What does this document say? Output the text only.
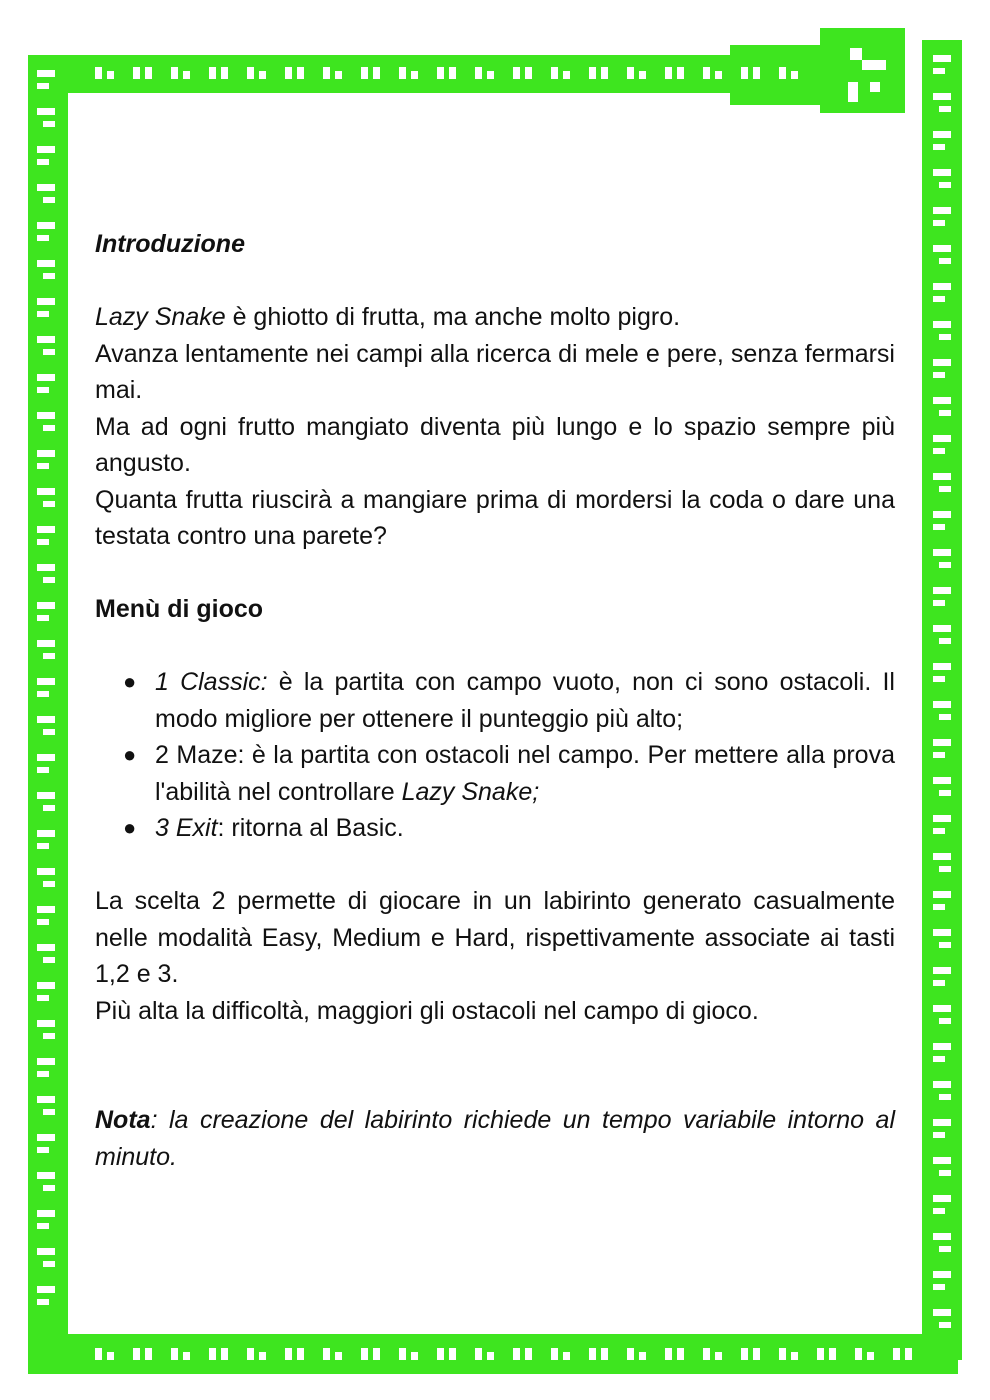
Introduzione

Lazy Snake è ghiotto di frutta, ma anche molto pigro.

Avanza lentamente nei campi alla ricerca di mele e pere, senza fermarsi mai.

Ma ad ogni frutto mangiato diventa più lungo e lo spazio sempre più angusto.

Quanta frutta riuscirà a mangiare prima di mordersi la coda o dare una testata contro una parete?

Menù di gioco

● 1 Classic: è la partita con campo vuoto, non ci sono ostacoli. Il modo migliore per ottenere il punteggio più alto;
● 2 Maze: è la partita con ostacoli nel campo. Per mettere alla prova l'abilità nel controllare Lazy Snake;
● 3 Exit: ritorna al Basic.

La scelta 2 permette di giocare in un labirinto generato casualmente nelle modalità Easy, Medium e Hard, rispettivamente associate ai tasti 1,2 e 3.

Più alta la difficoltà, maggiori gli ostacoli nel campo di gioco.

Nota: la creazione del labirinto richiede un tempo variabile intorno al minuto.
